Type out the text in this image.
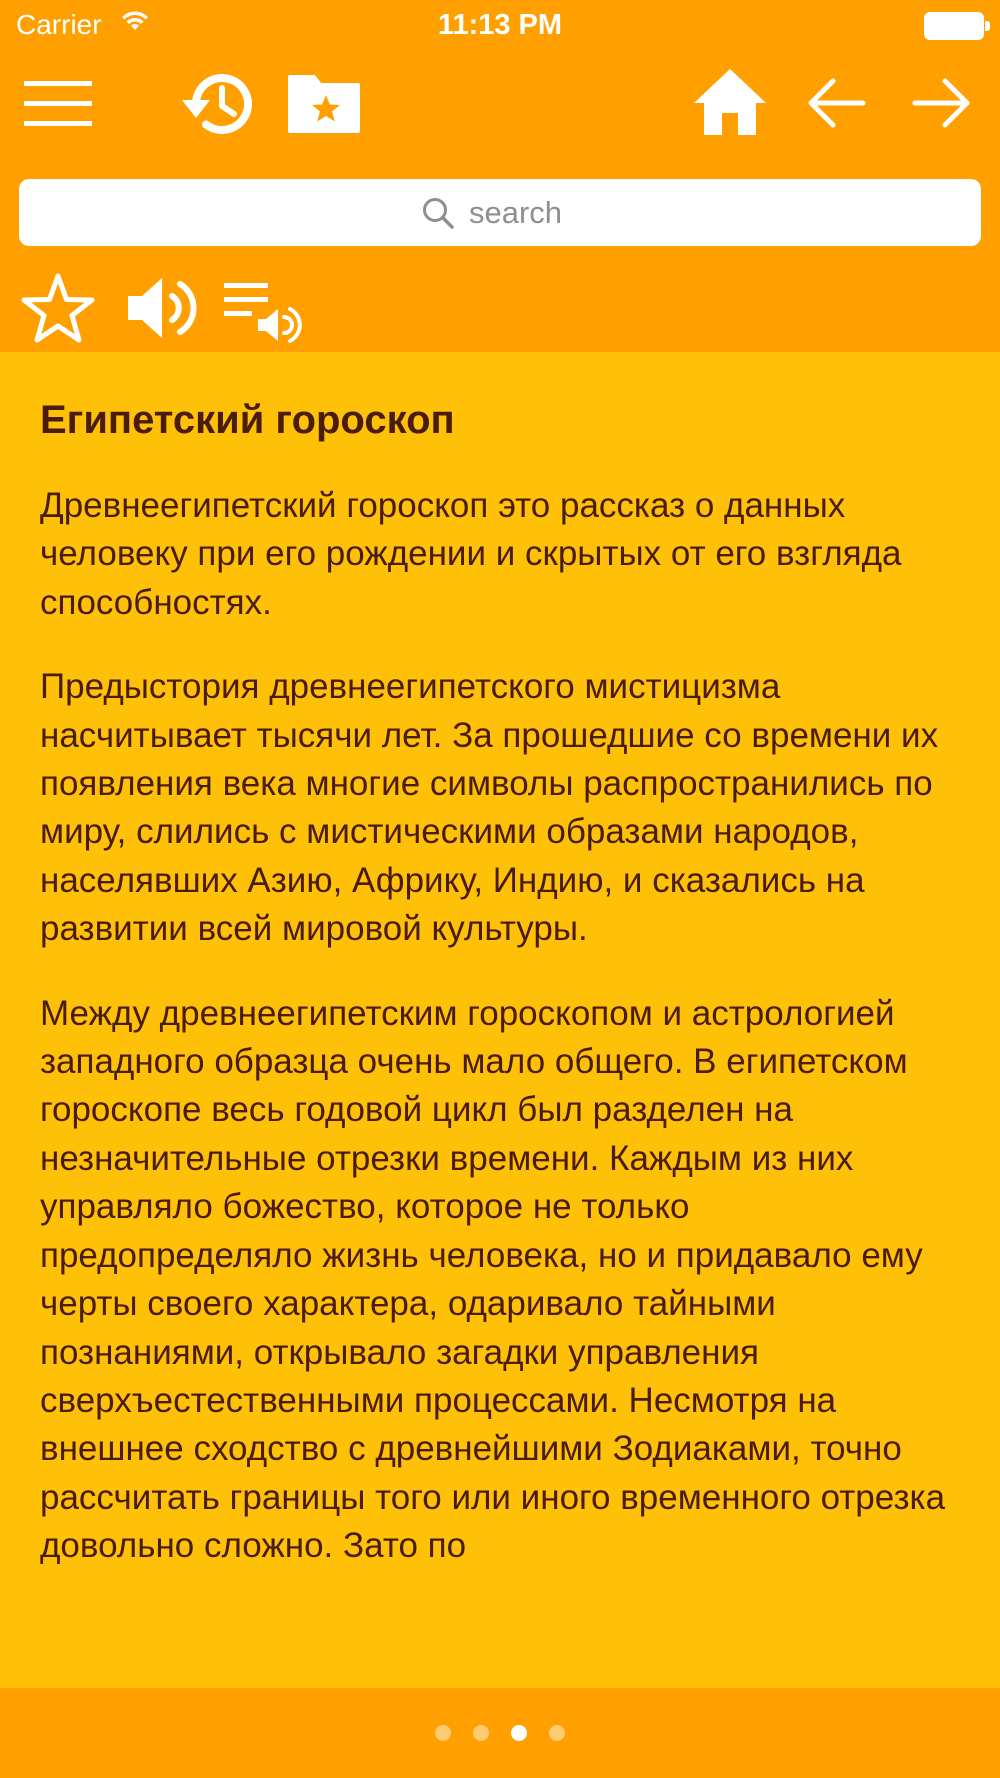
Carrier	11:13 PM
search
Египетский гороскоп

Древнеегипетский гороскоп это рассказ о данных человеку при его рождении и скрытых от его взгляда способностях.

Предыстория древнеегипетского мистицизма насчитывает тысячи лет. За прошедшие со времени их появления века многие символы распространились по миру, слились с мистическими образами народов, населявших Азию, Африку, Индию, и сказались на развитии всей мировой культуры.

Между древнеегипетским гороскопом и астрологией западного образца очень мало общего. В египетском гороскопе весь годовой цикл был разделен на незначительные отрезки времени. Каждым из них управляло божество, которое не только предопределяло жизнь человека, но и придавало ему черты своего характера, одаривало тайными познаниями, открывало загадки управления сверхъестественными процессами. Несмотря на внешнее сходство с древнейшими Зодиаками, точно рассчитать границы того или иного временного отрезка довольно сложно. Зато по
